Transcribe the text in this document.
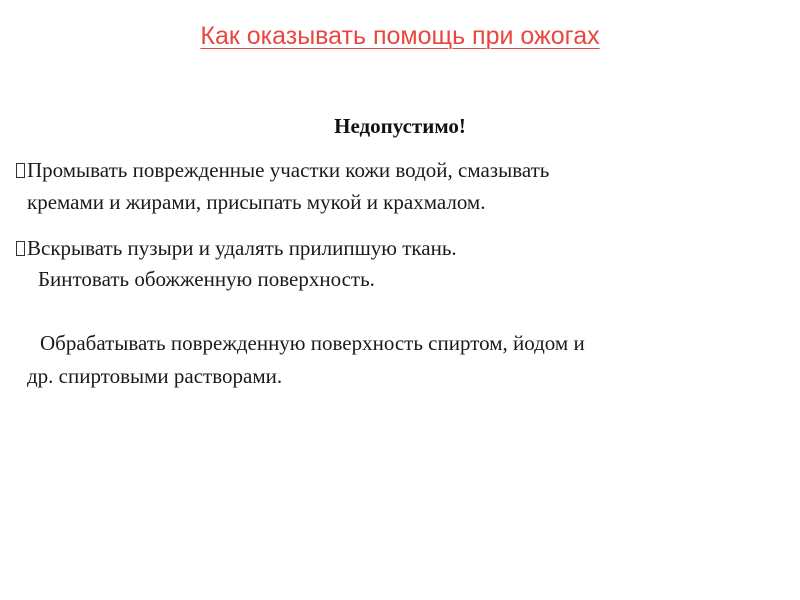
Как оказывать помощь при ожогах
Недопустимо!
Промывать поврежденные участки кожи водой, смазывать
кремами и жирами, присыпать мукой и крахмалом.
Вскрывать пузыри и удалять прилипшую ткань.
Бинтовать обожженную поверхность.
Обрабатывать поврежденную поверхность спиртом, йодом и
др. спиртовыми растворами.
